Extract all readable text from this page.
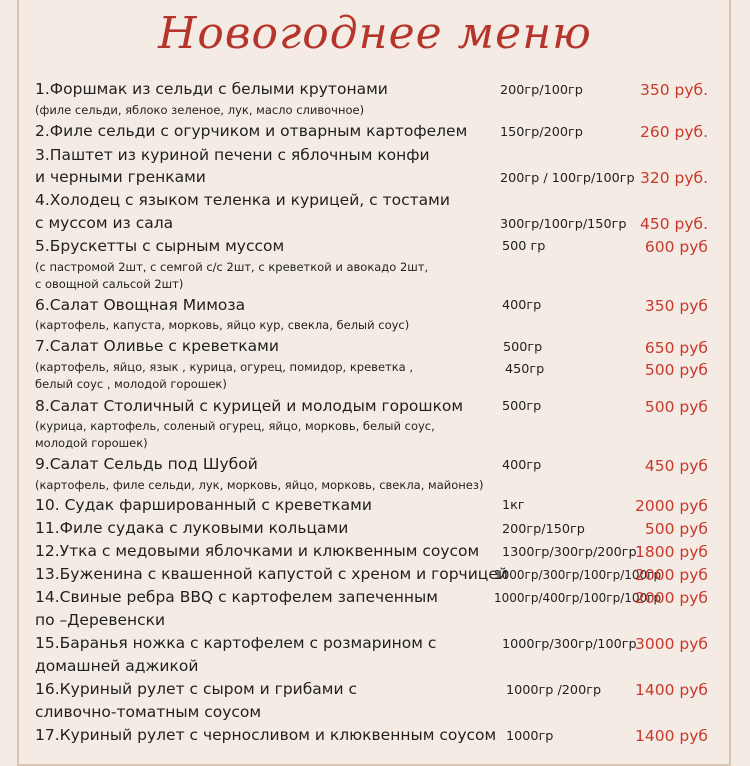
Новогоднее меню
1.Форшмак из сельди с белыми крутонами
(филе сельди, яблоко зеленое, лук, масло сливочное)
2.Филе сельди с огурчиком и отварным картофелем
3.Паштет из куриной печени с яблочным конфи
и черными гренками
4.Холодец с языком теленка и курицей, с тостами
с муссом из сала
5.Брускетты с сырным муссом
(с пастромой 2шт, с семгой с/с 2шт, с креветкой и авокадо 2шт,
с овощной сальсой 2шт)
6.Салат Овощная Мимоза
(картофель, капуста, морковь, яйцо кур, свекла, белый соус)
7.Салат Оливье с креветками
(картофель, яйцо, язык , курица, огурец, помидор, креветка ,
белый соус , молодой горошек)
8.Салат Столичный с курицей и молодым горошком
(курица, картофель, соленый огурец, яйцо, морковь, белый соус,
молодой горошек)
9.Салат Сельдь под Шубой
(картофель, филе сельди, лук, морковь, яйцо, морковь, свекла, майонез)
10. Судак фаршированный с креветками
11.Филе судака с луковыми кольцами
12.Утка с медовыми яблочками и клюквенным соусом
13.Буженина с квашенной капустой с хреном и горчицей
14.Свиные ребра BBQ с картофелем запеченным
по –Деревенски
15.Баранья ножка с картофелем с розмарином с
домашней аджикой
16.Куриный рулет с сыром и грибами с
сливочно-томатным соусом
17.Куриный рулет с черносливом и клюквенным соусом
200гр/100гр
150гр/200гр
200гр / 100гр/100гр
300гр/100гр/150гр
500 гр
400гр
500гр
450гр
500гр
400гр
1кг
200гр/150гр
1300гр/300гр/200гр
1000гр/300гр/100гр/100гр
1000гр/400гр/100гр/100гр
1000гр/300гр/100гр
1000гр /200гр
1000гр
350 руб.
260 руб.
320 руб.
450 руб.
600 руб
350 руб
650 руб
500 руб
500 руб
450 руб
2000 руб
500 руб
1800 руб
2000 руб
2000 руб
3000 руб
1400 руб
1400 руб
